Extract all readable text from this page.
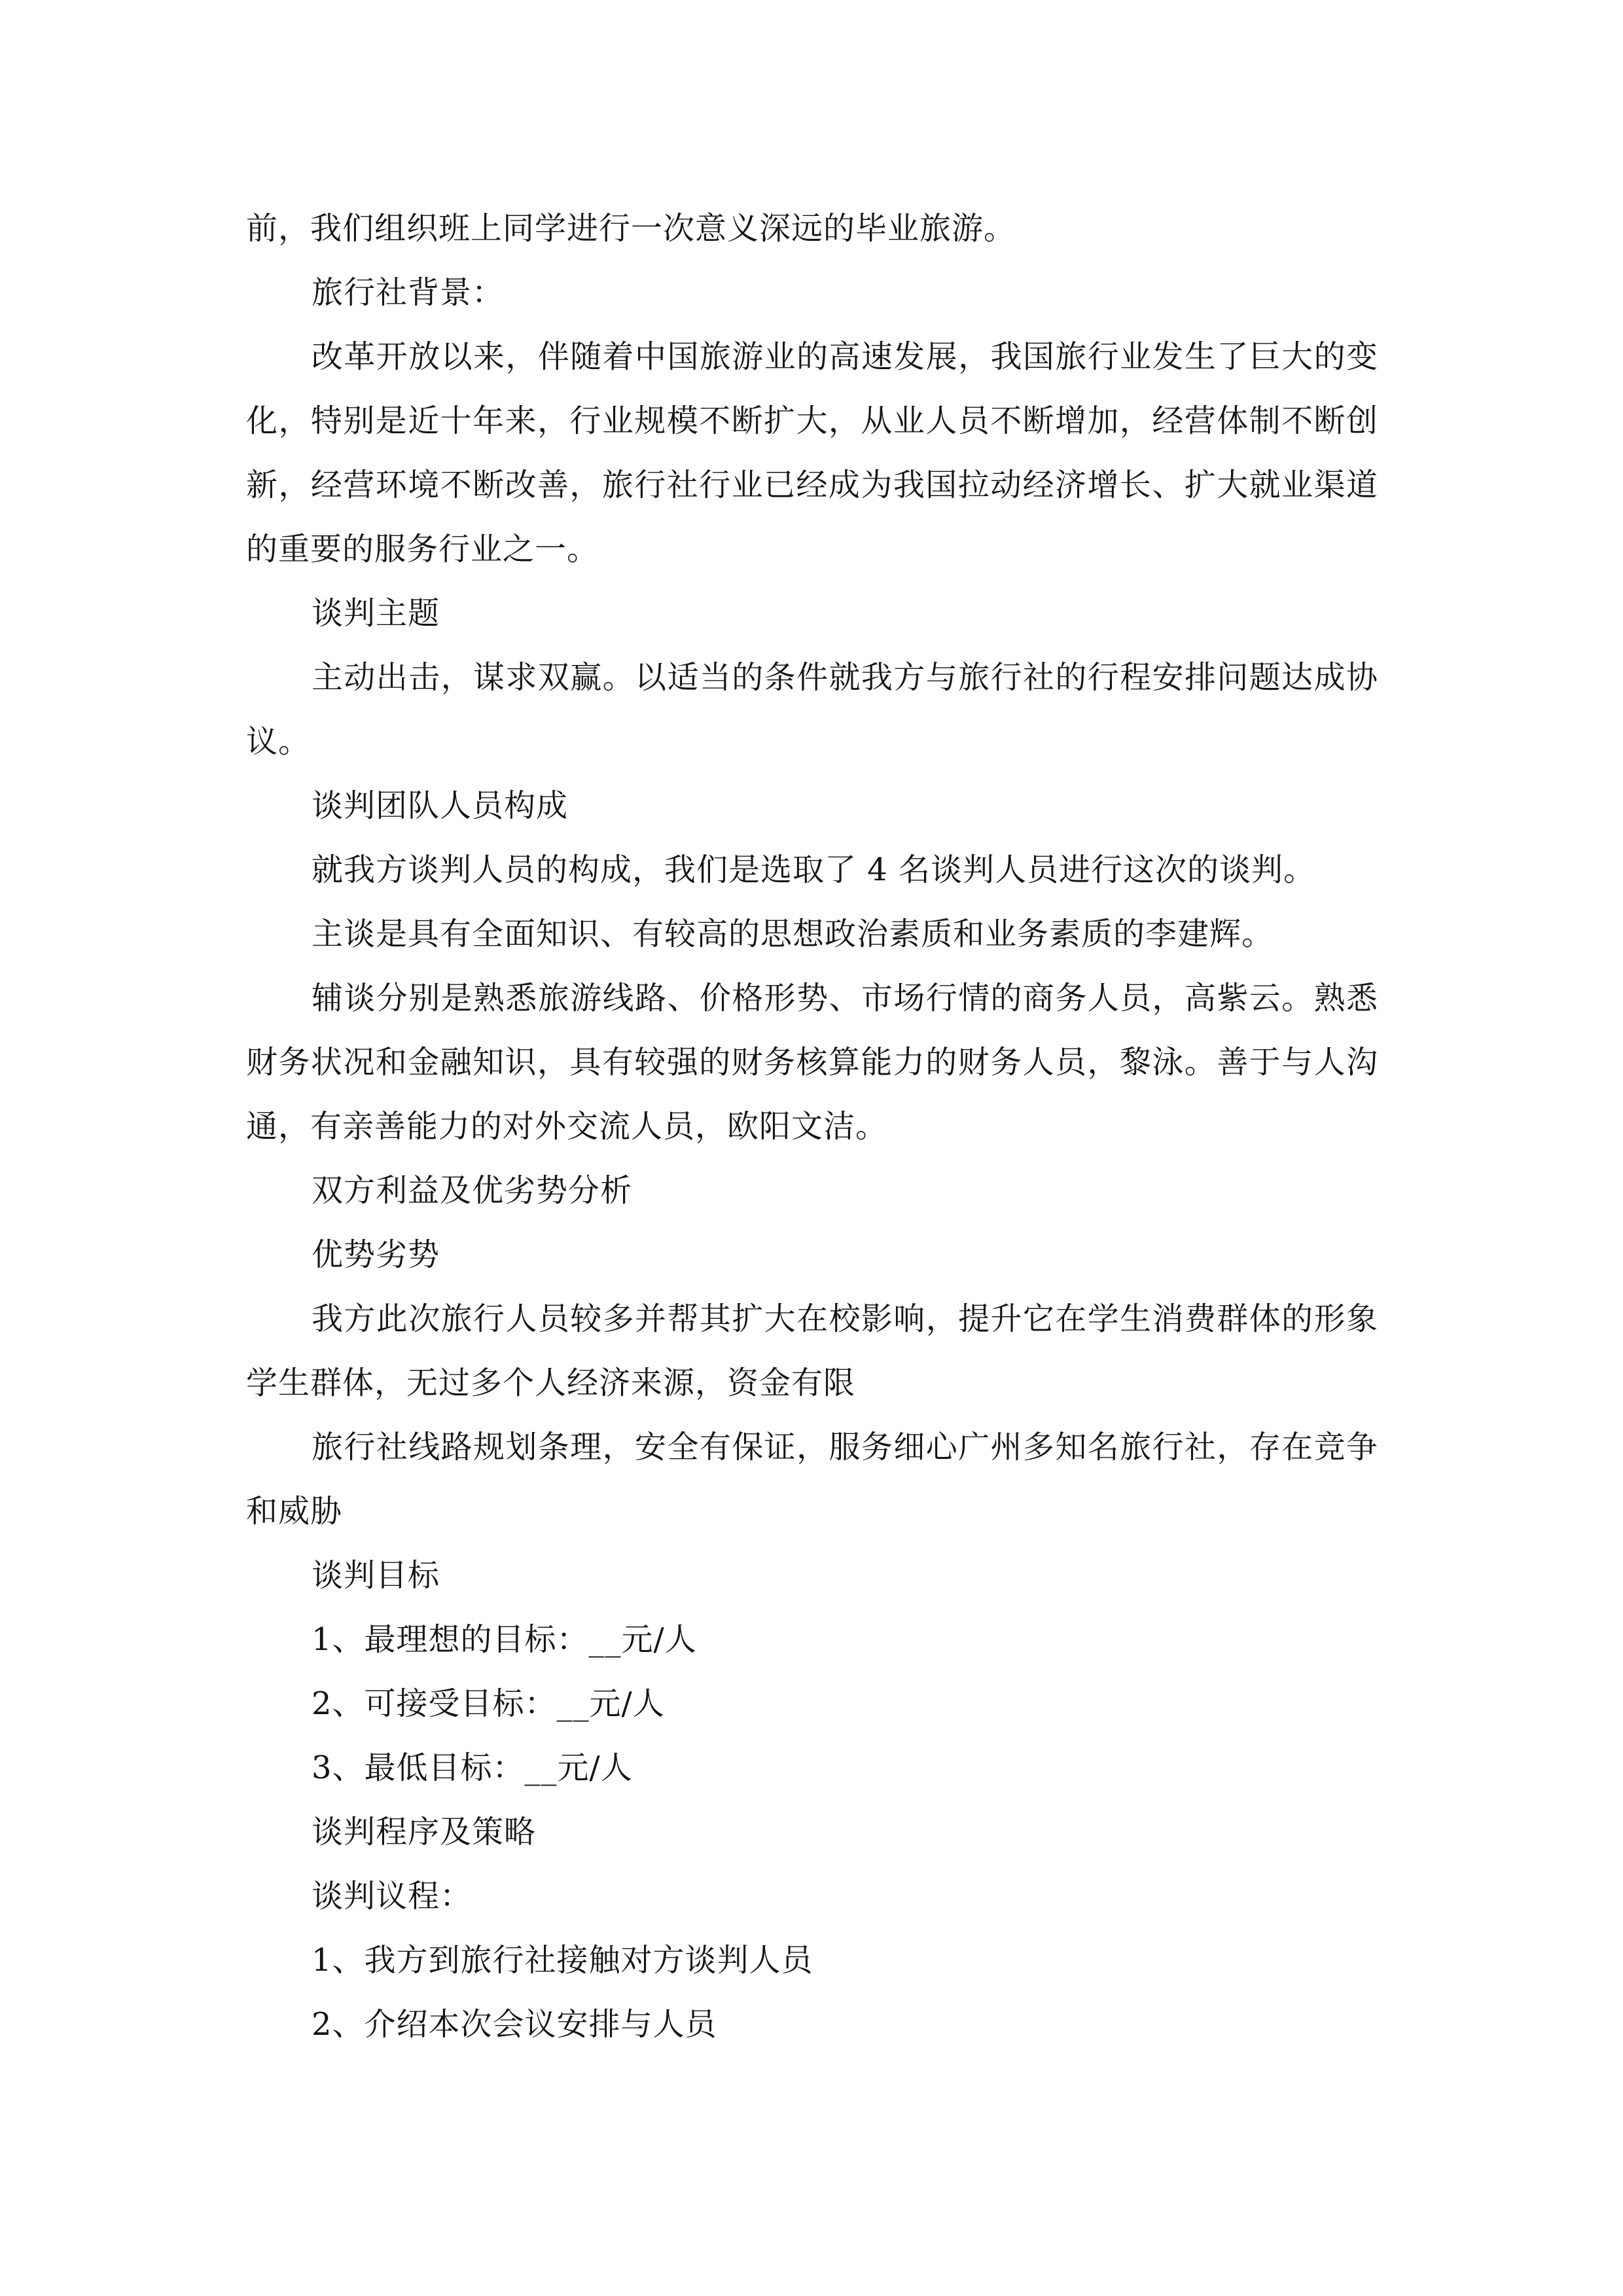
前，我们组织班上同学进行一次意义深远的毕业旅游。

旅行社背景：

改革开放以来，伴随着中国旅游业的高速发展，我国旅行业发生了巨大的变化，特别是近十年来，行业规模不断扩大，从业人员不断增加，经营体制不断创新，经营环境不断改善，旅行社行业已经成为我国拉动经济增长、扩大就业渠道的重要的服务行业之一。

谈判主题

主动出击，谋求双赢。以适当的条件就我方与旅行社的行程安排问题达成协议。

谈判团队人员构成

就我方谈判人员的构成，我们是选取了 4 名谈判人员进行这次的谈判。

主谈是具有全面知识、有较高的思想政治素质和业务素质的李建辉。

辅谈分别是熟悉旅游线路、价格形势、市场行情的商务人员，高紫云。熟悉财务状况和金融知识，具有较强的财务核算能力的财务人员，黎泳。善于与人沟通，有亲善能力的对外交流人员，欧阳文洁。

双方利益及优劣势分析

优势劣势

我方此次旅行人员较多并帮其扩大在校影响，提升它在学生消费群体的形象学生群体，无过多个人经济来源，资金有限

旅行社线路规划条理，安全有保证，服务细心广州多知名旅行社，存在竞争和威胁

谈判目标

1、最理想的目标：__元/人

2、可接受目标：__元/人

3、最低目标：__元/人

谈判程序及策略

谈判议程：

1、我方到旅行社接触对方谈判人员

2、介绍本次会议安排与人员
